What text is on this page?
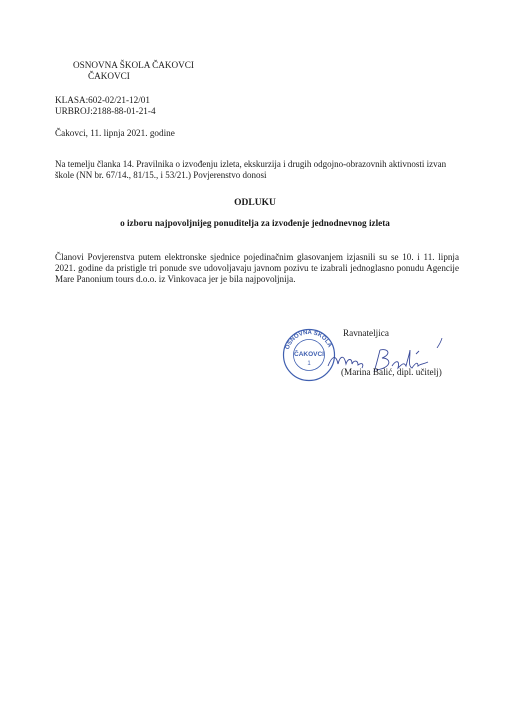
OSNOVNA ŠKOLA ČAKOVCI
ČAKOVCI
KLASA:602-02/21-12/01
URBROJ:2188-88-01-21-4
Čakovci, 11. lipnja 2021. godine
Na temelju članka 14. Pravilnika o izvođenju izleta, ekskurzija i drugih odgojno-obrazovnih aktivnosti izvan škole (NN br. 67/14., 81/15., i 53/21.) Povjerenstvo donosi
ODLUKU
o izboru najpovoljnijeg ponuditelja za izvođenje jednodnevnog izleta
Članovi Povjerenstva putem elektronske sjednice pojedinačnim glasovanjem izjasnili su se 10. i 11. lipnja 2021. godine da pristigle tri ponude sve udovoljavaju javnom pozivu te izabrali jednoglasno ponudu Agencije Mare Panonium tours d.o.o. iz Vinkovaca jer je bila najpovoljnija.
OSNOVNA ŠKOLA
ČAKOVCI
1
Ravnateljica
(Marina Balić, dipl. učitelj)
